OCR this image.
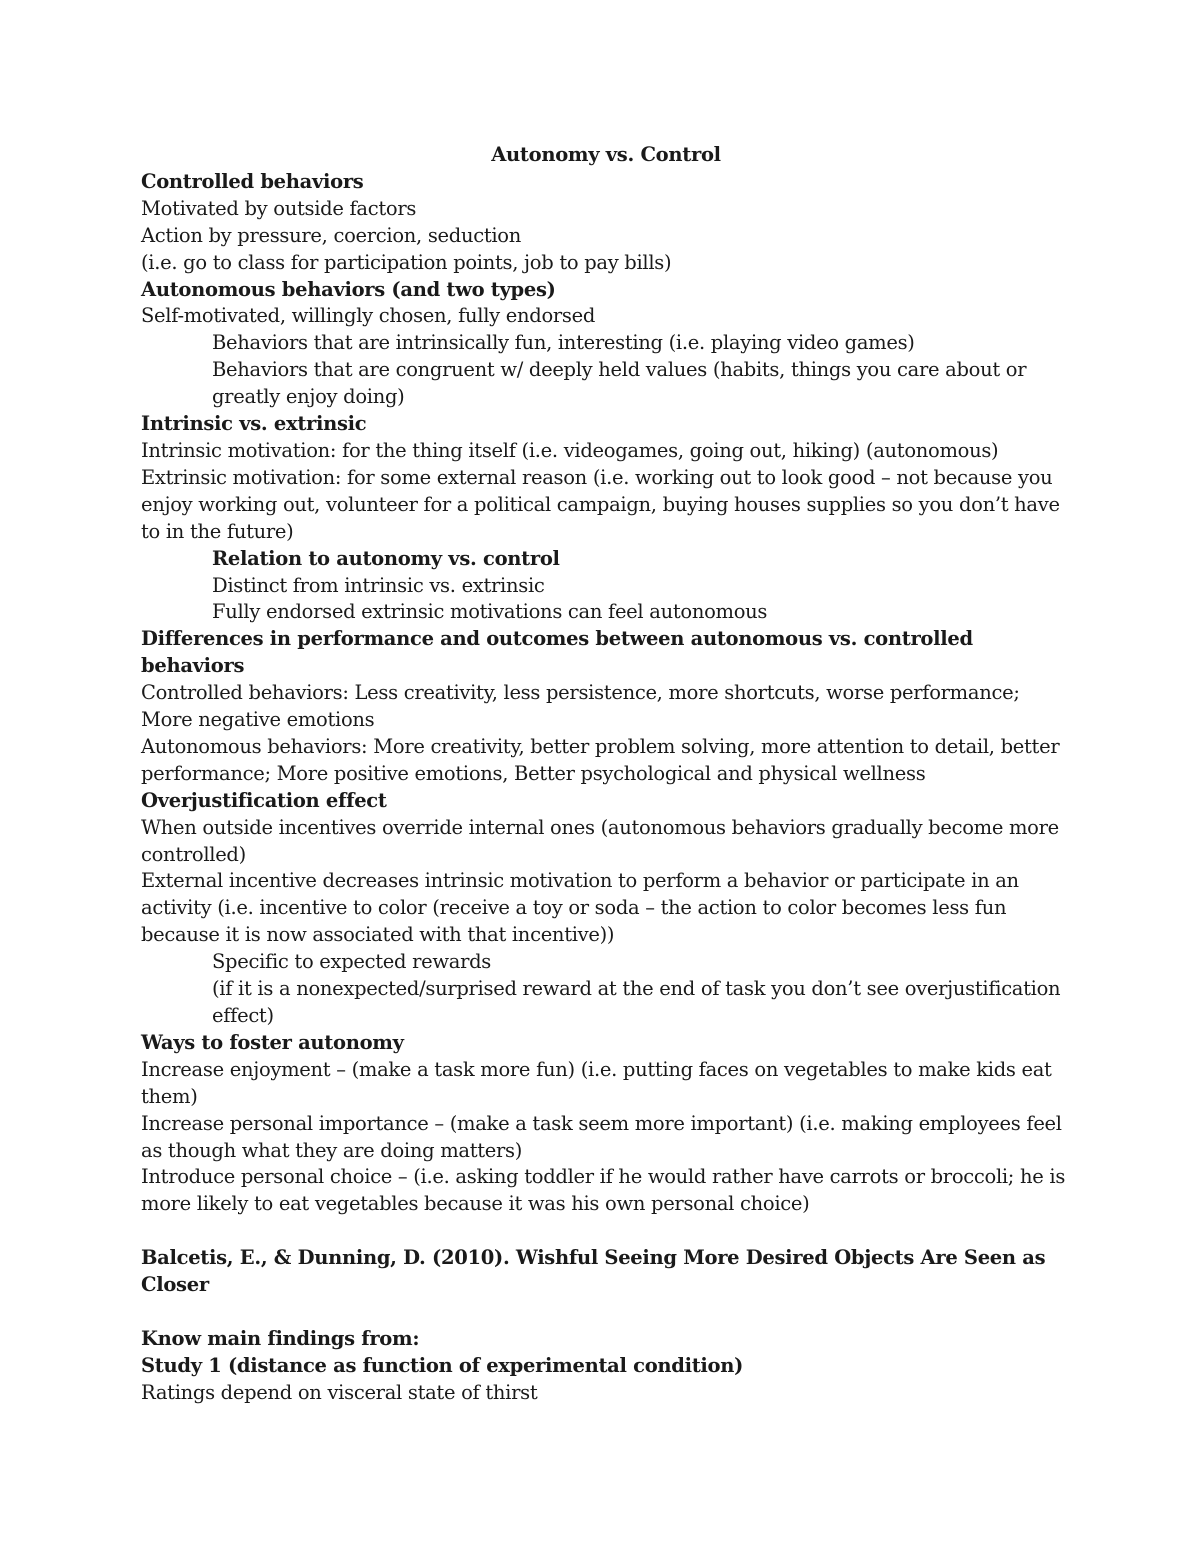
Autonomy vs. Control

Controlled behaviors

Motivated by outside factors

Action by pressure, coercion, seduction

(i.e. go to class for participation points, job to pay bills)

Autonomous behaviors (and two types)

Self-motivated, willingly chosen, fully endorsed

Behaviors that are intrinsically fun, interesting (i.e. playing video games)

Behaviors that are congruent w/ deeply held values (habits, things you care about or greatly enjoy doing)

Intrinsic vs. extrinsic

Intrinsic motivation: for the thing itself (i.e. videogames, going out, hiking) (autonomous)

Extrinsic motivation: for some external reason (i.e. working out to look good – not because you enjoy working out, volunteer for a political campaign, buying houses supplies so you don’t have to in the future)

Relation to autonomy vs. control

Distinct from intrinsic vs. extrinsic

Fully endorsed extrinsic motivations can feel autonomous

Differences in performance and outcomes between autonomous vs. controlled behaviors

Controlled behaviors: Less creativity, less persistence, more shortcuts, worse performance; More negative emotions

Autonomous behaviors: More creativity, better problem solving, more attention to detail, better performance; More positive emotions, Better psychological and physical wellness

Overjustification effect

When outside incentives override internal ones (autonomous behaviors gradually become more controlled)

External incentive decreases intrinsic motivation to perform a behavior or participate in an activity (i.e. incentive to color (receive a toy or soda – the action to color becomes less fun because it is now associated with that incentive))

Specific to expected rewards

(if it is a nonexpected/surprised reward at the end of task you don’t see overjustification effect)

Ways to foster autonomy

Increase enjoyment – (make a task more fun) (i.e. putting faces on vegetables to make kids eat them)

Increase personal importance – (make a task seem more important) (i.e. making employees feel as though what they are doing matters)

Introduce personal choice – (i.e. asking toddler if he would rather have carrots or broccoli; he is more likely to eat vegetables because it was his own personal choice)

Balcetis, E., & Dunning, D. (2010). Wishful Seeing More Desired Objects Are Seen as Closer

Know main findings from:

Study 1 (distance as function of experimental condition)

Ratings depend on visceral state of thirst
